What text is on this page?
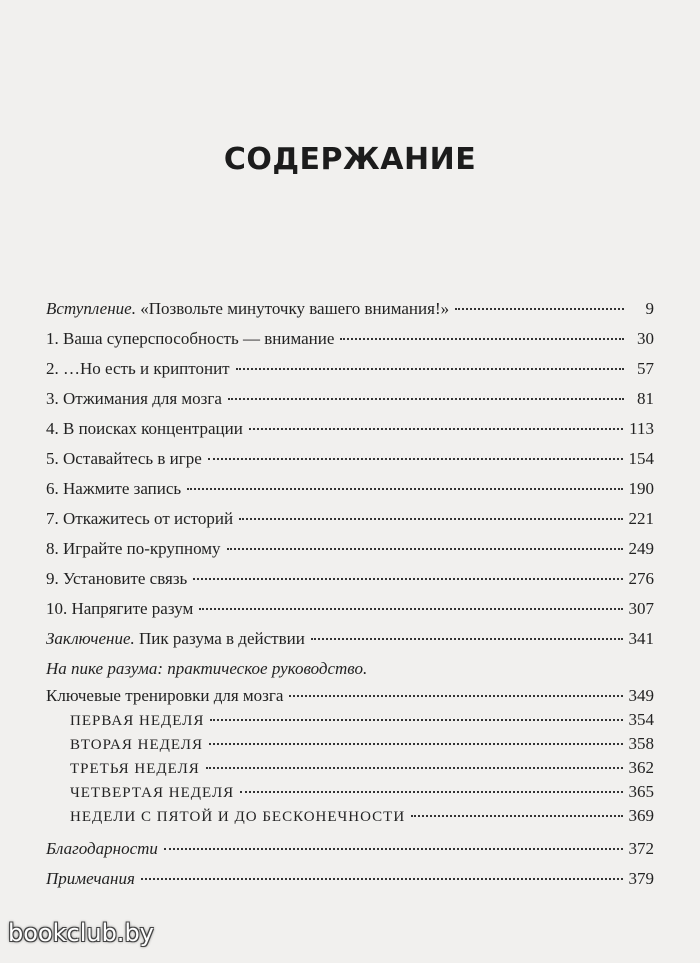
СОДЕРЖАНИЕ
Вступление. «Позвольте минуточку вашего внимания!»	9
1. Ваша суперспособность — внимание	30
2. …Но есть и криптонит	57
3. Отжимания для мозга	81
4. В поисках концентрации	113
5. Оставайтесь в игре	154
6. Нажмите запись	190
7. Откажитесь от историй	221
8. Играйте по-крупному	249
9. Установите связь	276
10. Напрягите разум	307
Заключение. Пик разума в действии	341
На пике разума: практическое руководство.
Ключевые тренировки для мозга	349
ПЕРВАЯ НЕДЕЛЯ	354
ВТОРАЯ НЕДЕЛЯ	358
ТРЕТЬЯ НЕДЕЛЯ	362
ЧЕТВЕРТАЯ НЕДЕЛЯ	365
НЕДЕЛИ С ПЯТОЙ И ДО БЕСКОНЕЧНОСТИ	369
Благодарности	372
Примечания	379
bookclub.by
